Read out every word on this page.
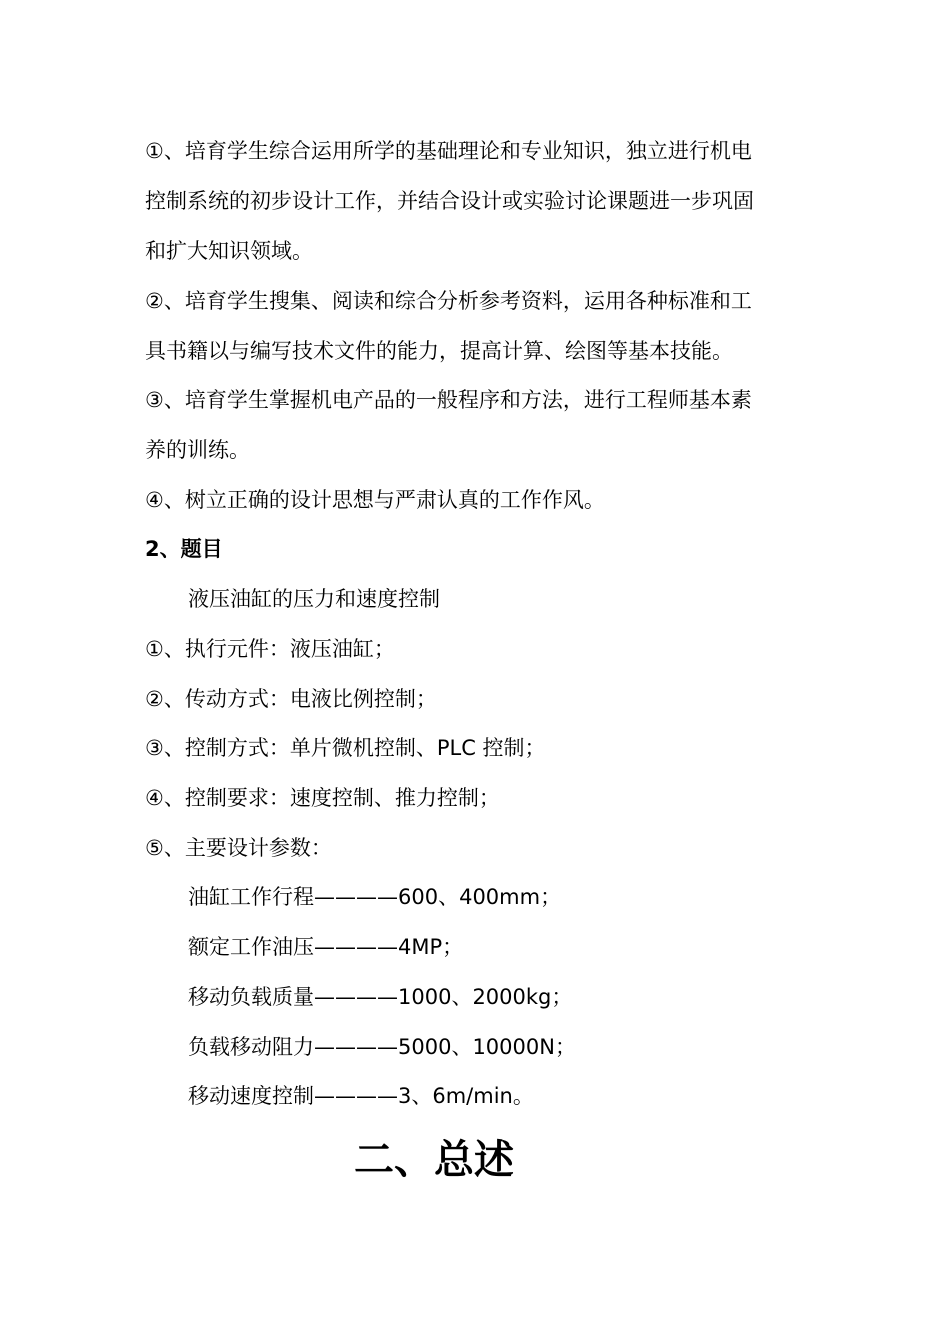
①、培育学生综合运用所学的基础理论和专业知识，独立进行机电
控制系统的初步设计工作，并结合设计或实验讨论课题进一步巩固
和扩大知识领域。
②、培育学生搜集、阅读和综合分析参考资料，运用各种标准和工
具书籍以与编写技术文件的能力，提高计算、绘图等基本技能。
③、培育学生掌握机电产品的一般程序和方法，进行工程师基本素
养的训练。
④、树立正确的设计思想与严肃认真的工作作风。
2、题目
液压油缸的压力和速度控制
①、执行元件：液压油缸；
②、传动方式：电液比例控制；
③、控制方式：单片微机控制、PLC 控制；
④、控制要求：速度控制、推力控制；
⑤、主要设计参数：
油缸工作行程————600、400mm；
额定工作油压————4MP；
移动负载质量————1000、2000kg；
负载移动阻力————5000、10000N；
移动速度控制————3、6m/min。
二、总述
